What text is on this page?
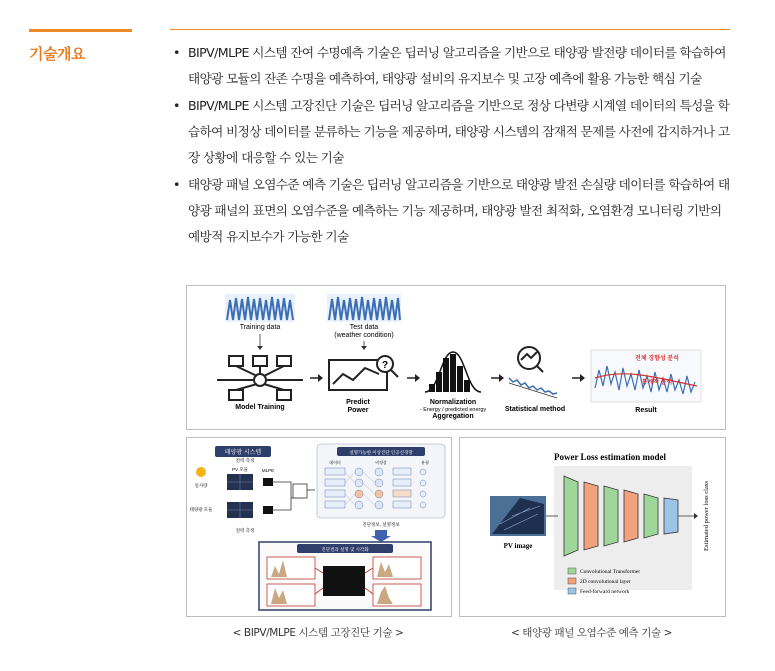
기술개요	• BIPV/MLPE 시스템 잔여 수명예측 기술은 딥러닝 알고리즘을 기반으로 태양광 발전량 데이터를 학습하여 태양광 모듈의 잔존 수명을 예측하여, 태양광 설비의 유지보수 및 고장 예측에 활용 가능한 핵심 기술
• BIPV/MLPE 시스템 고장진단 기술은 딥러닝 알고리즘을 기반으로 정상 다변량 시계열 데이터의 특성을 학습하여 비정상 데이터를 분류하는 기능을 제공하며, 태양광 시스템의 잠재적 문제를 사전에 감지하거나 고장 상황에 대응할 수 있는 기술
• 태양광 패널 오염수준 예측 기술은 딥러닝 알고리즘을 기반으로 태양광 발전 손실량 데이터를 학습하여 태양광 패널의 표면의 오염수준을 예측하는 기능 제공하며, 태양광 발전 최적화, 오염환경 모니터링 기반의 예방적 유지보수가 가능한 기술
Training data	Test data
(weather condition)
Model Training
?
Predict
Power
Normalization
- Energy / predicted energy
Aggregation
Statistical method
전체 경향성 분석
통계적 분석
Result
태양광 시스템
일사량
태양광 모듈
PV 모듈	MLPE
전력 측정
전력 측정
설명가능한 이상진단 인공신경망
데이터	비정상	유형
진단정보, 설명정보
진단결과 설명 및 시각화
Power Loss estimation model
PV image	Estimated power loss class
Convolutional Transformer
2D convolutional layer
Feed-forward network
< BIPV/MLPE 시스템 고장진단 기술 >	< 태양광 패널 오염수준 예측 기술 >
